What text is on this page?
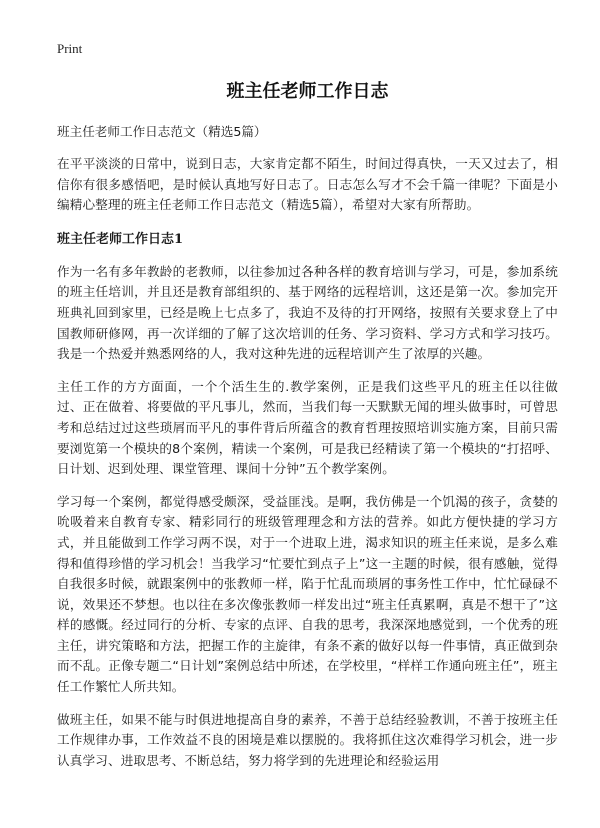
Print
班主任老师工作日志
班主任老师工作日志范文（精选5篇）

在平平淡淡的日常中，说到日志，大家肯定都不陌生，时间过得真快，一天又过去了，相信你有很多感悟吧，是时候认真地写好日志了。日志怎么写才不会千篇一律呢？下面是小编精心整理的班主任老师工作日志范文（精选5篇），希望对大家有所帮助。

班主任老师工作日志1

作为一名有多年教龄的老教师，以往参加过各种各样的教育培训与学习，可是，参加系统的班主任培训，并且还是教育部组织的、基于网络的远程培训，这还是第一次。参加完开班典礼回到家里，已经是晚上七点多了，我迫不及待的打开网络，按照有关要求登上了中国教师研修网，再一次详细的了解了这次培训的任务、学习资料、学习方式和学习技巧。我是一个热爱并熟悉网络的人，我对这种先进的远程培训产生了浓厚的兴趣。

主任工作的方方面面，一个个活生生的.教学案例，正是我们这些平凡的班主任以往做过、正在做着、将要做的平凡事儿，然而，当我们每一天默默无闻的埋头做事时，可曾思考和总结过过这些琐屑而平凡的事件背后所蕴含的教育哲理按照培训实施方案，目前只需要浏览第一个模块的8个案例，精读一个案例，可是我已经精读了第一个模块的“打招呼、日计划、迟到处理、课堂管理、课间十分钟”五个教学案例。

学习每一个案例，都觉得感受颇深，受益匪浅。是啊，我仿佛是一个饥渴的孩子，贪婪的吮吸着来自教育专家、精彩同行的班级管理理念和方法的营养。如此方便快捷的学习方式，并且能做到工作学习两不误，对于一个进取上进，渴求知识的班主任来说，是多么难得和值得珍惜的学习机会！当我学习“忙要忙到点子上”这一主题的时候，很有感触，觉得自我很多时候，就跟案例中的张教师一样，陷于忙乱而琐屑的事务性工作中，忙忙碌碌不说，效果还不梦想。也以往在多次像张教师一样发出过“班主任真累啊，真是不想干了”这样的感慨。经过同行的分析、专家的点评、自我的思考，我深深地感觉到，一个优秀的班主任，讲究策略和方法，把握工作的主旋律，有条不紊的做好以每一件事情，真正做到杂而不乱。正像专题二“日计划”案例总结中所述，在学校里，“样样工作通向班主任”，班主任工作繁忙人所共知。

做班主任，如果不能与时俱进地提高自身的素养，不善于总结经验教训，不善于按班主任工作规律办事，工作效益不良的困境是难以摆脱的。我将抓住这次难得学习机会，进一步认真学习、进取思考、不断总结，努力将学到的先进理论和经验运用
